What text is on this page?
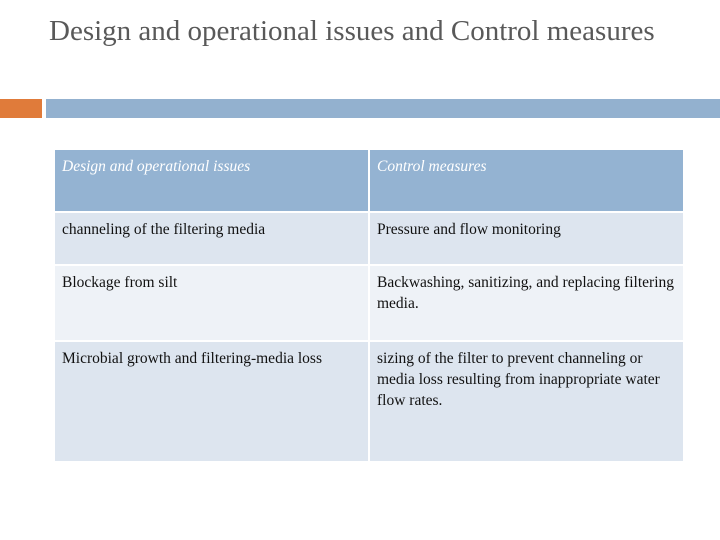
Design and operational issues and Control measures
Design and operational issues	Control measures
channeling of the filtering media	Pressure and flow monitoring
Blockage from silt	Backwashing, sanitizing, and replacing filtering media.
Microbial growth and filtering-media loss	sizing of the filter to prevent channeling or media loss resulting from inappropriate water flow rates.
